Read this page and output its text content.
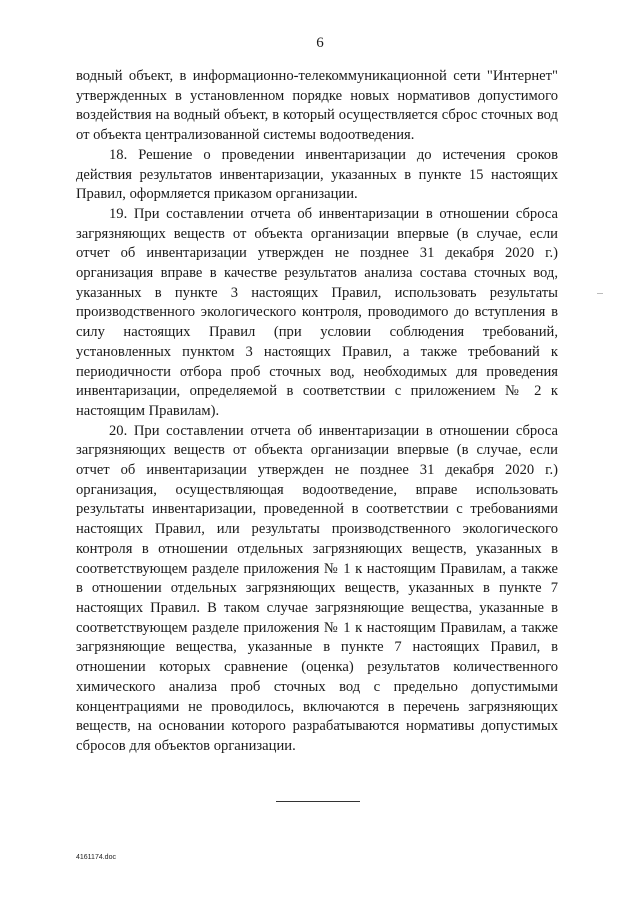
6

водный объект, в информационно-телекоммуникационной сети "Интернет" утвержденных в установленном порядке новых нормативов допустимого воздействия на водный объект, в который осуществляется сброс сточных вод от объекта централизованной системы водоотведения.

18. Решение о проведении инвентаризации до истечения сроков действия результатов инвентаризации, указанных в пункте 15 настоящих Правил, оформляется приказом организации.

19. При составлении отчета об инвентаризации в отношении сброса загрязняющих веществ от объекта организации впервые (в случае, если отчет об инвентаризации утвержден не позднее 31 декабря 2020 г.) организация вправе в качестве результатов анализа состава сточных вод, указанных в пункте 3 настоящих Правил, использовать результаты производственного экологического контроля, проводимого до вступления в силу настоящих Правил (при условии соблюдения требований, установленных пунктом 3 настоящих Правил, а также требований к периодичности отбора проб сточных вод, необходимых для проведения инвентаризации, определяемой в соответствии с приложением № 2 к настоящим Правилам).

20. При составлении отчета об инвентаризации в отношении сброса загрязняющих веществ от объекта организации впервые (в случае, если отчет об инвентаризации утвержден не позднее 31 декабря 2020 г.) организация, осуществляющая водоотведение, вправе использовать результаты инвентаризации, проведенной в соответствии с требованиями настоящих Правил, или результаты производственного экологического контроля в отношении отдельных загрязняющих веществ, указанных в соответствующем разделе приложения № 1 к настоящим Правилам, а также в отношении отдельных загрязняющих веществ, указанных в пункте 7 настоящих Правил. В таком случае загрязняющие вещества, указанные в соответствующем разделе приложения № 1 к настоящим Правилам, а также загрязняющие вещества, указанные в пункте 7 настоящих Правил, в отношении которых сравнение (оценка) результатов количественного химического анализа проб сточных вод с предельно допустимыми концентрациями не проводилось, включаются в перечень загрязняющих веществ, на основании которого разрабатываются нормативы допустимых сбросов для объектов организации.

4161174.doc
